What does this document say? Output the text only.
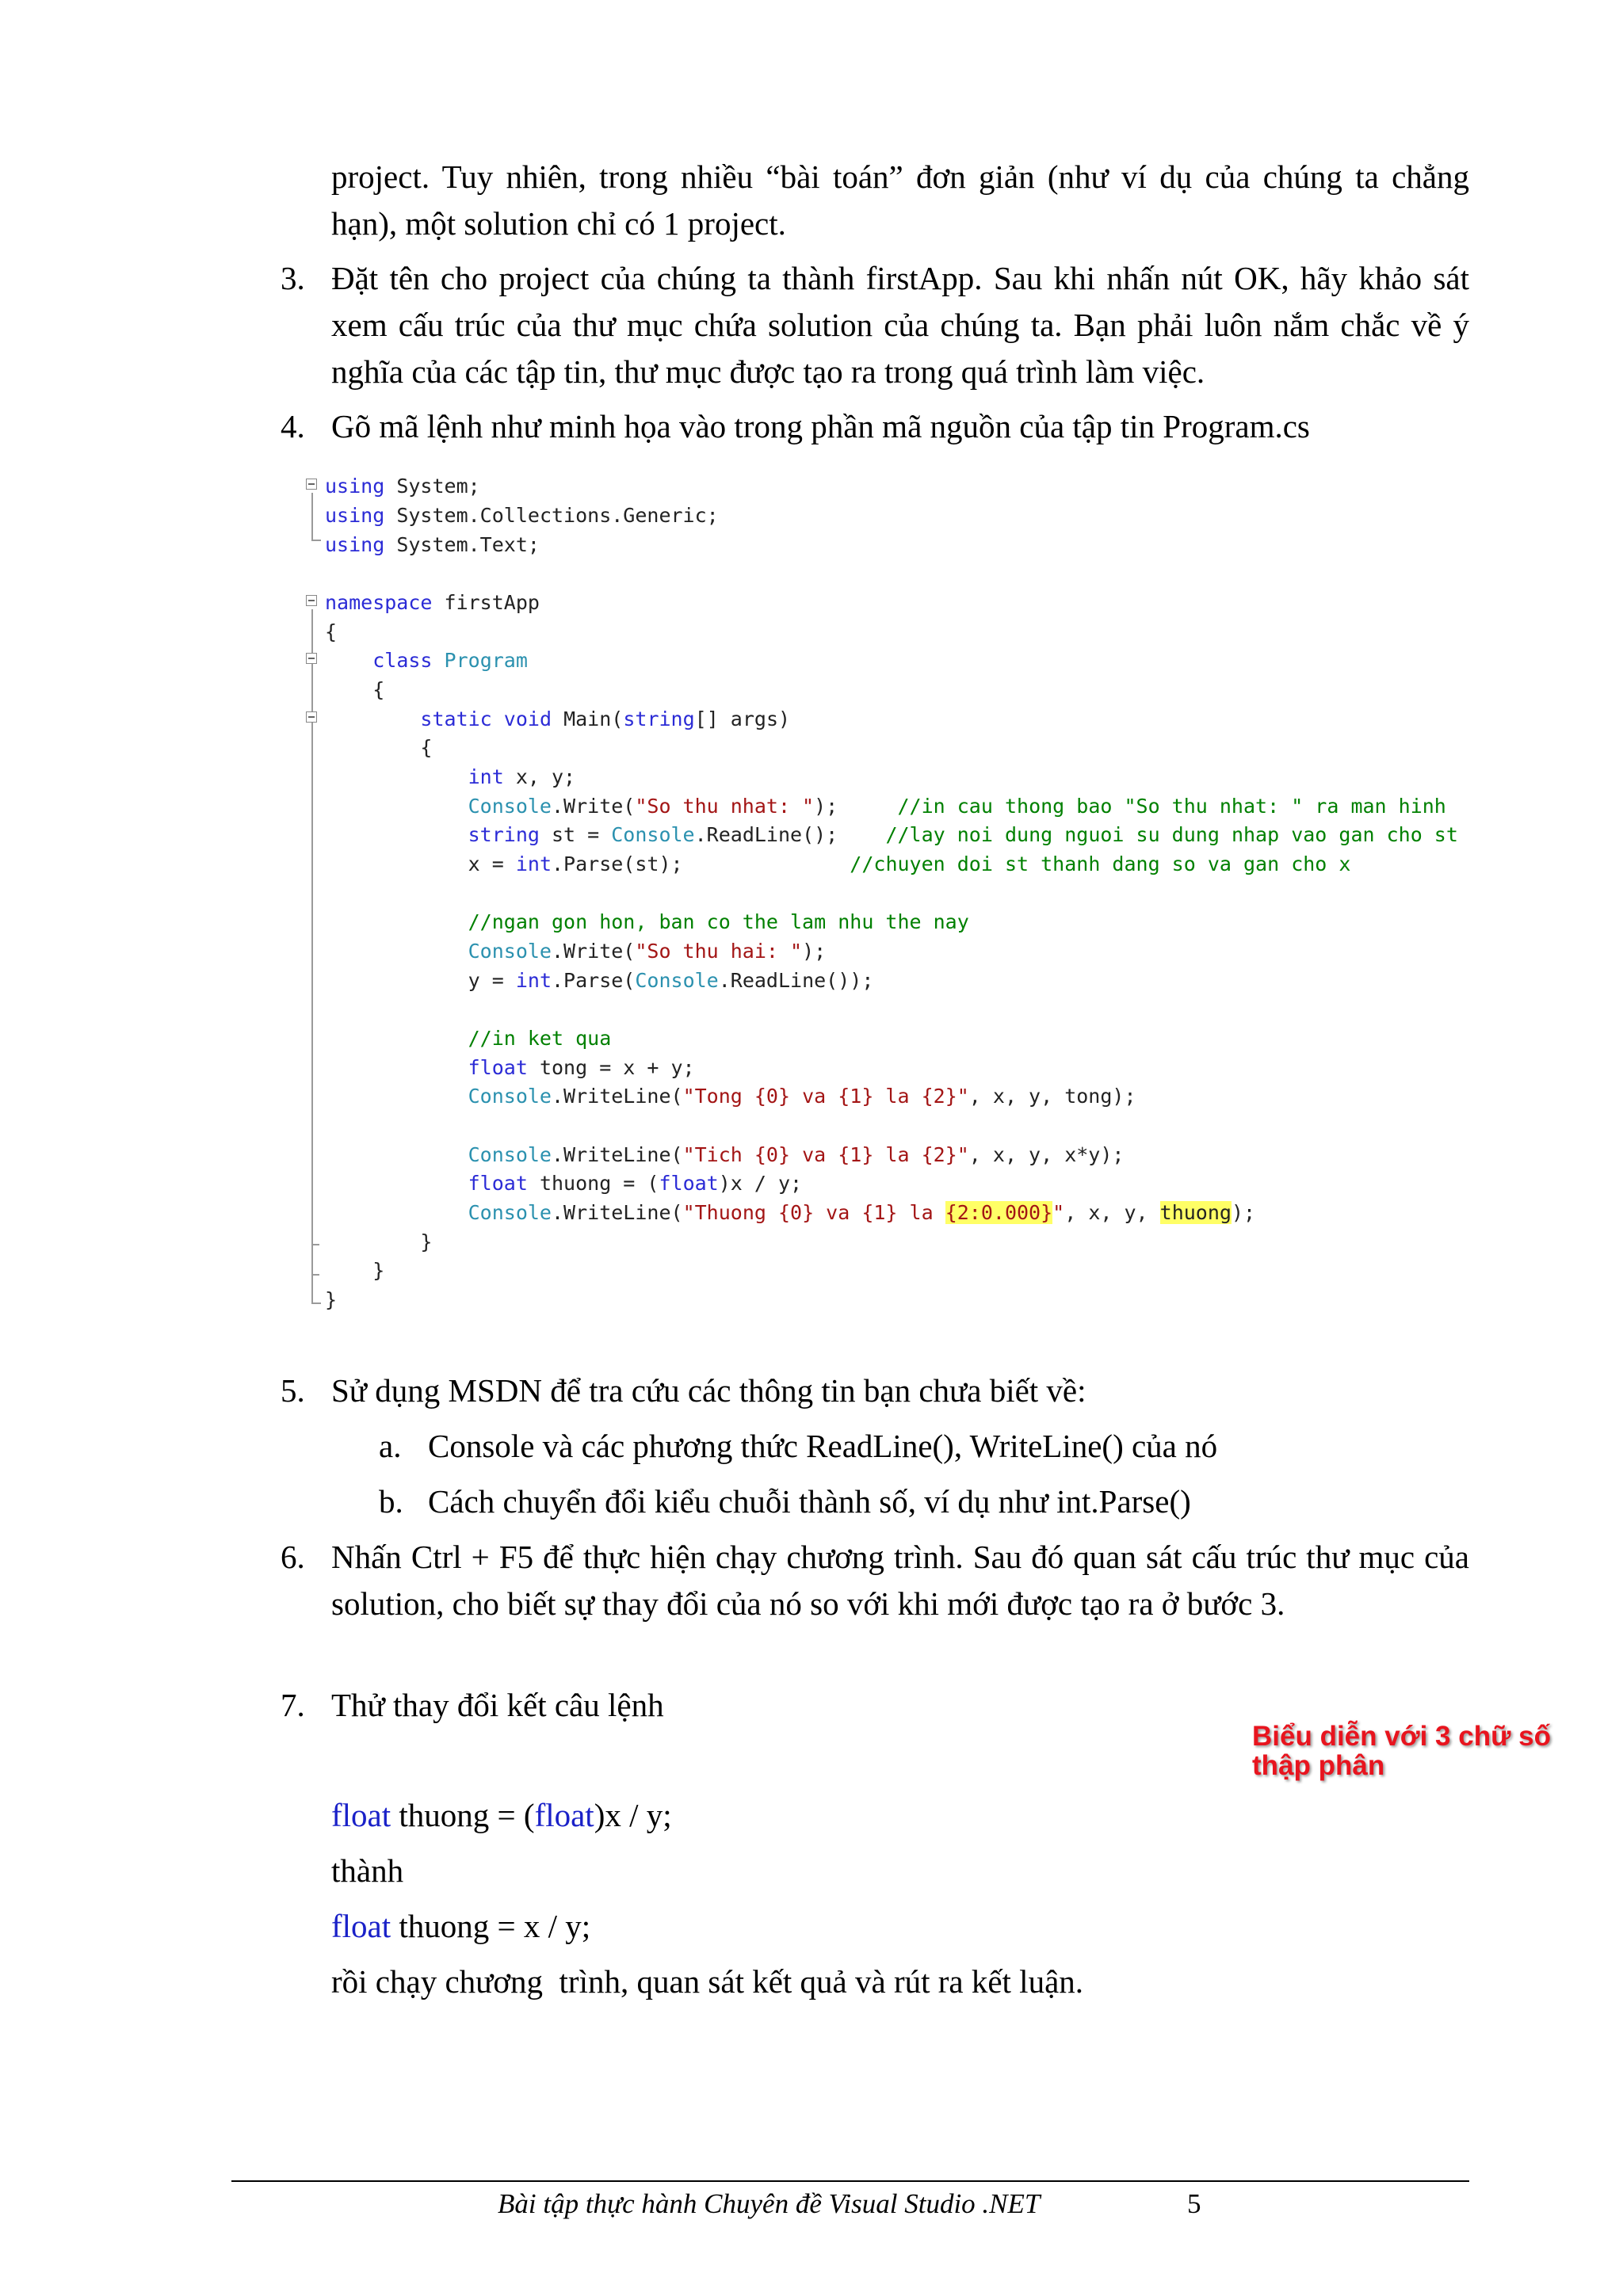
project. Tuy nhiên, trong nhiều “bài toán” đơn giản (như ví dụ của chúng ta chẳng hạn), một solution chỉ có 1 project.

3. Đặt tên cho project của chúng ta thành firstApp. Sau khi nhấn nút OK, hãy khảo sát xem cấu trúc của thư mục chứa solution của chúng ta. Bạn phải luôn nắm chắc về ý nghĩa của các tập tin, thư mục được tạo ra trong quá trình làm việc.

4. Gõ mã lệnh như minh họa vào trong phần mã nguồn của tập tin Program.cs

using System;
using System.Collections.Generic;
using System.Text;
namespace firstApp
{
class Program
{
static void Main(string[] args)
{
int x, y;
Console.Write("So thu nhat: ");	//in cau thong bao "So thu nhat: " ra man hinh
string st = Console.ReadLine(); //lay noi dung nguoi su dung nhap vao gan cho st
x = int.Parse(st);	//chuyen doi st thanh dang so va gan cho x
//ngan gon hon, ban co the lam nhu the nay
Console.Write("So thu hai: ");
y = int.Parse(Console.ReadLine());
//in ket qua
float tong = x + y;
Console.WriteLine("Tong {0} va {1} la {2}", x, y, tong);
Console.WriteLine("Tich {0} va {1} la {2}", x, y, x*y);
float thuong = (float)x / y;
Console.WriteLine("Thuong {0} va {1} la {2:0.000}", x, y, thuong);
}
}
}
Biểu diễn với 3 chữ số thập phân
5. Sử dụng MSDN để tra cứu các thông tin bạn chưa biết về:

a. Console và các phương thức ReadLine(), WriteLine() của nó

b. Cách chuyển đổi kiểu chuỗi thành số, ví dụ như int.Parse()

6. Nhấn Ctrl + F5 để thực hiện chạy chương trình. Sau đó quan sát cấu trúc thư mục của solution, cho biết sự thay đổi của nó so với khi mới được tạo ra ở bước 3.

7. Thử thay đổi kết câu lệnh

float thuong = (float)x / y;
thành
float thuong = x / y;
rồi chạy chương  trình, quan sát kết quả và rút ra kết luận.
Bài tập thực hành Chuyên đề Visual Studio .NET	5
